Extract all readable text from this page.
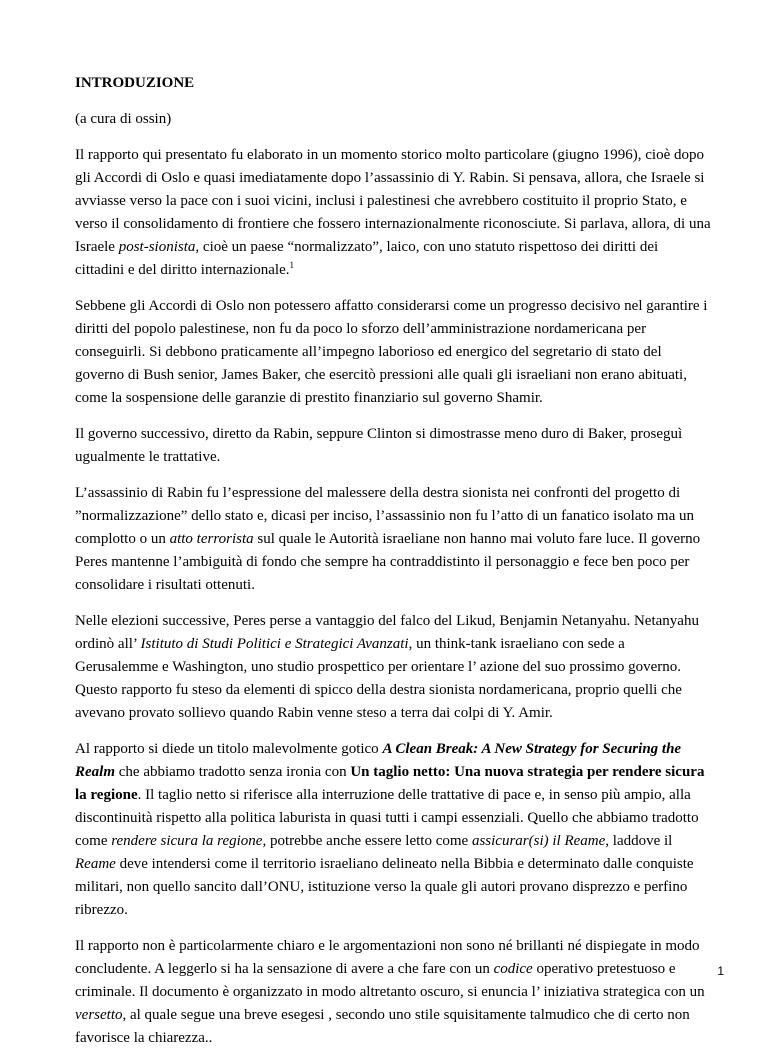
INTRODUZIONE

(a cura di ossin)

Il rapporto qui presentato fu elaborato in un momento storico molto particolare (giugno 1996), cioè dopo gli Accordi di Oslo e quasi imediatamente dopo l’assassinio di Y. Rabin. Si pensava, allora, che Israele si avviasse verso la pace con i suoi vicini, inclusi i palestinesi che avrebbero costituito il proprio Stato, e verso il consolidamento di frontiere che fossero internazionalmente riconosciute. Si parlava, allora, di una Israele post-sionista, cioè un paese “normalizzato”, laico, con uno statuto rispettoso dei diritti dei cittadini e del diritto internazionale.$^1$

Sebbene gli Accordi di Oslo non potessero affatto considerarsi come un progresso decisivo nel garantire i diritti del popolo palestinese, non fu da poco lo sforzo dell’amministrazione nordamericana per conseguirli. Si debbono praticamente all’impegno laborioso ed energico del segretario di stato del governo di Bush senior, James Baker, che esercitò pressioni alle quali gli israeliani non erano abituati, come la sospensione delle garanzie di prestito finanziario sul governo Shamir.

Il governo successivo, diretto da Rabin, seppure Clinton si dimostrasse meno duro di Baker, proseguì ugualmente le trattative.

L’assassinio di Rabin fu l’espressione del malessere della destra sionista nei confronti del progetto di ”normalizzazione” dello stato e, dicasi per inciso, l’assassinio non fu l’atto di un fanatico isolato ma un complotto o un atto terrorista sul quale le Autorità israeliane non hanno mai voluto fare luce. Il governo Peres mantenne l’ambiguità di fondo che sempre ha contraddistinto il personaggio e fece ben poco per consolidare i risultati ottenuti.

Nelle elezioni successive, Peres perse a vantaggio del falco del Likud, Benjamin Netanyahu. Netanyahu ordinò all’ Istituto di Studi Politici e Strategici Avanzati, un think-tank israeliano con sede a Gerusalemme e Washington, uno studio prospettico per orientare l’ azione del suo prossimo governo. Questo rapporto fu steso da elementi di spicco della destra sionista nordamericana, proprio quelli che avevano provato sollievo quando Rabin venne steso a terra dai colpi di Y. Amir.

Al rapporto si diede un titolo malevolmente gotico A Clean Break: A New Strategy for Securing the Realm che abbiamo tradotto senza ironia con Un taglio netto: Una nuova strategia per rendere sicura la regione. Il taglio netto si riferisce alla interruzione delle trattative di pace e, in senso più ampio, alla discontinuità rispetto alla politica laburista in quasi tutti i campi essenziali. Quello che abbiamo tradotto come rendere sicura la regione, potrebbe anche essere letto come assicurar(si) il Reame, laddove il Reame deve intendersi come il territorio israeliano delineato nella Bibbia e determinato dalle conquiste militari, non quello sancito dall’ONU, istituzione verso la quale gli autori provano disprezzo e perfino ribrezzo.

Il rapporto non è particolarmente chiaro e le argomentazioni non sono né brillanti né dispiegate in modo concludente. A leggerlo si ha la sensazione di avere a che fare con un codice operativo pretestuoso e criminale. Il documento è organizzato in modo altretanto oscuro, si enuncia l’ iniziativa strategica con un versetto, al quale segue una breve esegesi , secondo uno stile squisitamente talmudico che di certo non favorisce la chiarezza..

1
